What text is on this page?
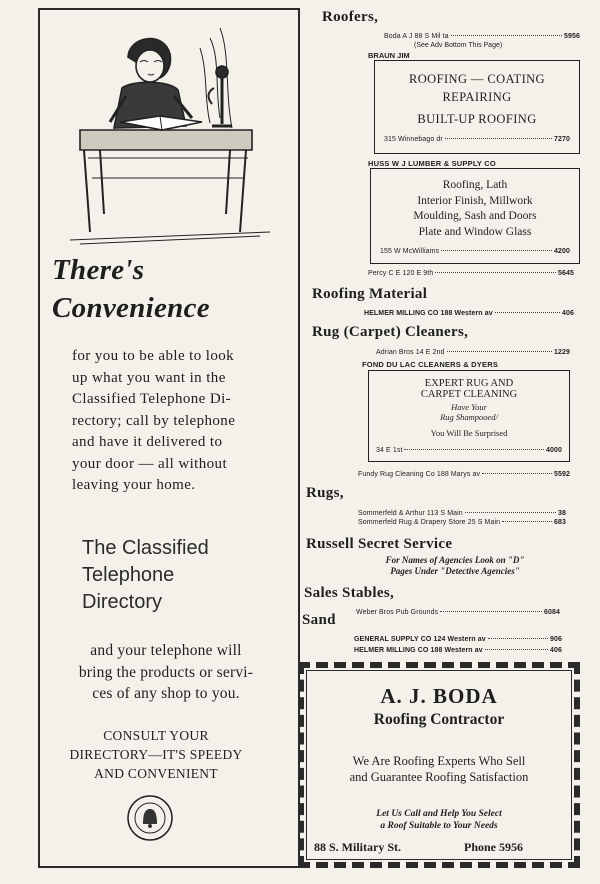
There's
Convenience
for you to be able to look
up what you want in the
Classified Telephone Di-
rectory; call by telephone
and have it delivered to
your door — all without
leaving your home.
The Classified
Telephone
Directory
and your telephone will
bring the products or servi-
ces of any shop to you.
CONSULT YOUR
DIRECTORY—IT'S SPEEDY
AND CONVENIENT
Roofers,
Boda A J 88 S Mil ta	5956
(See Adv Bottom This Page)
BRAUN JIM
ROOFING — COATING
REPAIRING
BUILT-UP ROOFING
315 Winnebago dr	7270
HUSS W J LUMBER & SUPPLY CO
Roofing, Lath
Interior Finish, Millwork
Moulding, Sash and Doors
Plate and Window Glass
155 W McWilliams	4200
Percy C E 120 E 9th	5645
Roofing Material
HELMER MILLING CO 188 Western av	406
Rug (Carpet) Cleaners,
Adrian Bros 14 E 2nd	1229
FOND DU LAC CLEANERS & DYERS
EXPERT RUG AND
CARPET CLEANING
Have Your
Rug Shampooed/
You Will Be Surprised
34 E 1st	4000
Fundy Rug Cleaning Co 188 Marys av	5592
Rugs,
Sommerfeld & Arthur 113 S Main	38
Sommerfeld Rug & Drapery Store 25 S Main	683
Russell Secret Service
For Names of Agencies Look on "D"
Pages Under "Detective Agencies"
Sales Stables,
Weber Bros Pub Grounds	6084
Sand
GENERAL SUPPLY CO 124 Western av	906
HELMER MILLING CO 188 Western av	406
A. J. BODA
Roofing Contractor
We Are Roofing Experts Who Sell
and Guarantee Roofing Satisfaction
Let Us Call and Help You Select
a Roof Suitable to Your Needs
88 S. Military St.	Phone 5956
